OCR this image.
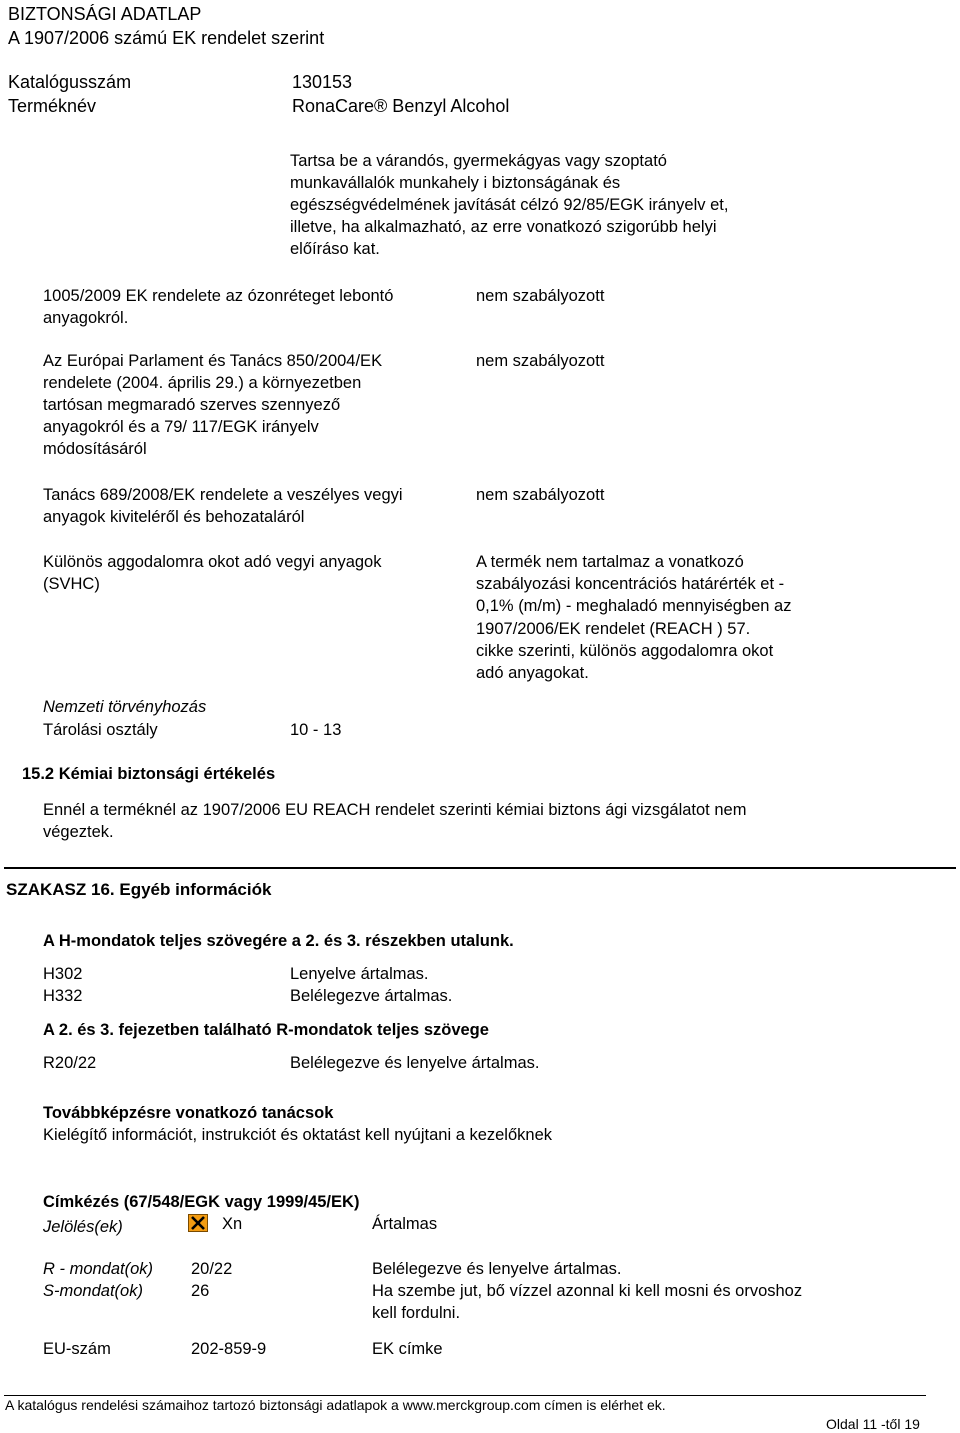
BIZTONSÁGI ADATLAP
A 1907/2006 számú EK rendelet szerint
Katalógusszám	130153
Terméknév	RonaCare® Benzyl Alcohol
Tartsa be a várandós, gyermekágyas vagy szoptató
munkavállalók munkahely i biztonságának és
egészségvédelmének javítását célzó 92/85/EGK irányelv et,
illetve, ha alkalmazható, az erre vonatkozó szigorúbb helyi
előíráso kat.
1005/2009 EK rendelete az ózonréteget lebontó
anyagokról.
nem szabályozott
Az Európai Parlament és Tanács 850/2004/EK
rendelete (2004. április 29.) a környezetben
tartósan megmaradó szerves szennyező
anyagokról és a 79/ 117/EGK irányelv
módosításáról
nem szabályozott
Tanács 689/2008/EK rendelete a veszélyes vegyi
anyagok kiviteléről és behozataláról
nem szabályozott
Különös aggodalomra okot adó vegyi anyagok
(SVHC)
A termék nem tartalmaz a vonatkozó
szabályozási koncentrációs határérték et -
0,1% (m/m) - meghaladó mennyiségben az
1907/2006/EK rendelet (REACH ) 57.
cikke szerinti, különös aggodalomra okot
adó anyagokat.
Nemzeti törvényhozás
Tárolási osztály	10 - 13
15.2 Kémiai biztonsági értékelés
Ennél a terméknél az 1907/2006 EU REACH rendelet szerinti kémiai biztons ági vizsgálatot nem
végeztek.
SZAKASZ 16. Egyéb információk
A H-mondatok teljes szövegére a 2. és 3. részekben utalunk.
H302	Lenyelve ártalmas.
H332	Belélegezve ártalmas.
A 2. és 3. fejezetben található R-mondatok teljes szövege
R20/22	Belélegezve és lenyelve ártalmas.
Továbbképzésre vonatkozó tanácsok
Kielégítő információt, instrukciót és oktatást kell nyújtani a kezelőknek
Címkézés (67/548/EGK vagy 1999/45/EK)
Jelölés(ek)	Xn	Ártalmas
R - mondat(ok) 20/22	Belélegezve és lenyelve ártalmas.
S-mondat(ok)	26	Ha szembe jut, bő vízzel azonnal ki kell mosni és orvoshoz
kell fordulni.
EU-szám	202-859-9	EK címke
A katalógus rendelési számaihoz tartozó biztonsági adatlapok a www.merckgroup.com címen is elérhet ek.
Oldal 11 -től 19
